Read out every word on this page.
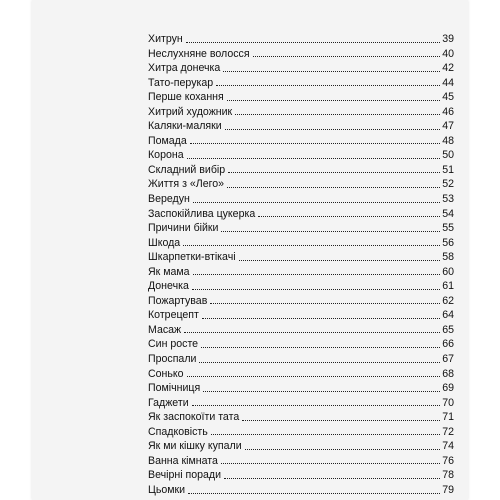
Хитрун	39
Неслухняне волосся	40
Хитра донечка	42
Тато-перукар	44
Перше кохання	45
Хитрий художник	46
Каляки-маляки	47
Помада	48
Корона	50
Складний вибір	51
Життя з «Лего»	52
Вередун	53
Заспокійлива цукерка	54
Причини бійки	55
Шкода	56
Шкарпетки-втікачі	58
Як мама	60
Донечка	61
Пожартував	62
Котрецепт	64
Масаж	65
Син росте	66
Проспали	67
Сонько	68
Помічниця	69
Гаджети	70
Як заспокоїти тата	71
Спадковість	72
Як ми кішку купали	74
Ванна кімната	76
Вечірні поради	78
Цьомки	79
